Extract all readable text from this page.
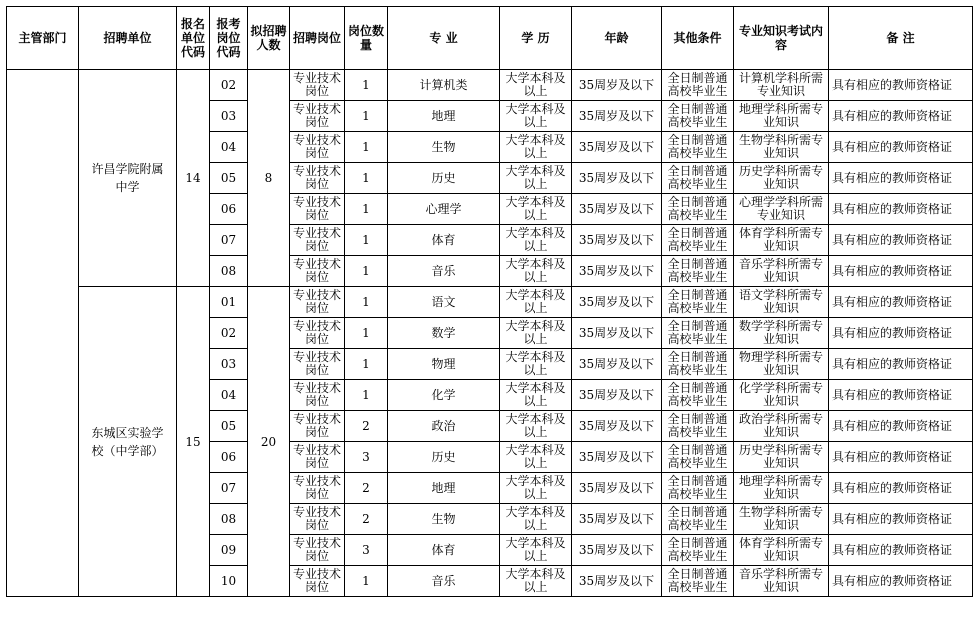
主管部门	招聘单位	报名单位代码	报考岗位代码	拟招聘人数	招聘岗位	岗位数量	专 业	学 历	年龄	其他条件	专业知识考试内容	备 注
	许昌学院附属中学	14	02	8	专业技术岗位	1	计算机类	大学本科及以上	35周岁及以下	全日制普通高校毕业生	计算机学科所需专业知识	具有相应的教师资格证
			03		专业技术岗位	1	地理	大学本科及以上	35周岁及以下	全日制普通高校毕业生	地理学科所需专业知识	具有相应的教师资格证
			04		专业技术岗位	1	生物	大学本科及以上	35周岁及以下	全日制普通高校毕业生	生物学科所需专业知识	具有相应的教师资格证
			05		专业技术岗位	1	历史	大学本科及以上	35周岁及以下	全日制普通高校毕业生	历史学科所需专业知识	具有相应的教师资格证
			06		专业技术岗位	1	心理学	大学本科及以上	35周岁及以下	全日制普通高校毕业生	心理学学科所需专业知识	具有相应的教师资格证
			07		专业技术岗位	1	体育	大学本科及以上	35周岁及以下	全日制普通高校毕业生	体育学科所需专业知识	具有相应的教师资格证
			08		专业技术岗位	1	音乐	大学本科及以上	35周岁及以下	全日制普通高校毕业生	音乐学科所需专业知识	具有相应的教师资格证
	东城区实验学校（中学部）	15	01	20	专业技术岗位	1	语文	大学本科及以上	35周岁及以下	全日制普通高校毕业生	语文学科所需专业知识	具有相应的教师资格证
			02		专业技术岗位	1	数学	大学本科及以上	35周岁及以下	全日制普通高校毕业生	数学学科所需专业知识	具有相应的教师资格证
			03		专业技术岗位	1	物理	大学本科及以上	35周岁及以下	全日制普通高校毕业生	物理学科所需专业知识	具有相应的教师资格证
			04		专业技术岗位	1	化学	大学本科及以上	35周岁及以下	全日制普通高校毕业生	化学学科所需专业知识	具有相应的教师资格证
			05		专业技术岗位	2	政治	大学本科及以上	35周岁及以下	全日制普通高校毕业生	政治学科所需专业知识	具有相应的教师资格证
			06		专业技术岗位	3	历史	大学本科及以上	35周岁及以下	全日制普通高校毕业生	历史学科所需专业知识	具有相应的教师资格证
			07		专业技术岗位	2	地理	大学本科及以上	35周岁及以下	全日制普通高校毕业生	地理学科所需专业知识	具有相应的教师资格证
			08		专业技术岗位	2	生物	大学本科及以上	35周岁及以下	全日制普通高校毕业生	生物学科所需专业知识	具有相应的教师资格证
			09		专业技术岗位	3	体育	大学本科及以上	35周岁及以下	全日制普通高校毕业生	体育学科所需专业知识	具有相应的教师资格证
			10		专业技术岗位	1	音乐	大学本科及以上	35周岁及以下	全日制普通高校毕业生	音乐学科所需专业知识	具有相应的教师资格证
